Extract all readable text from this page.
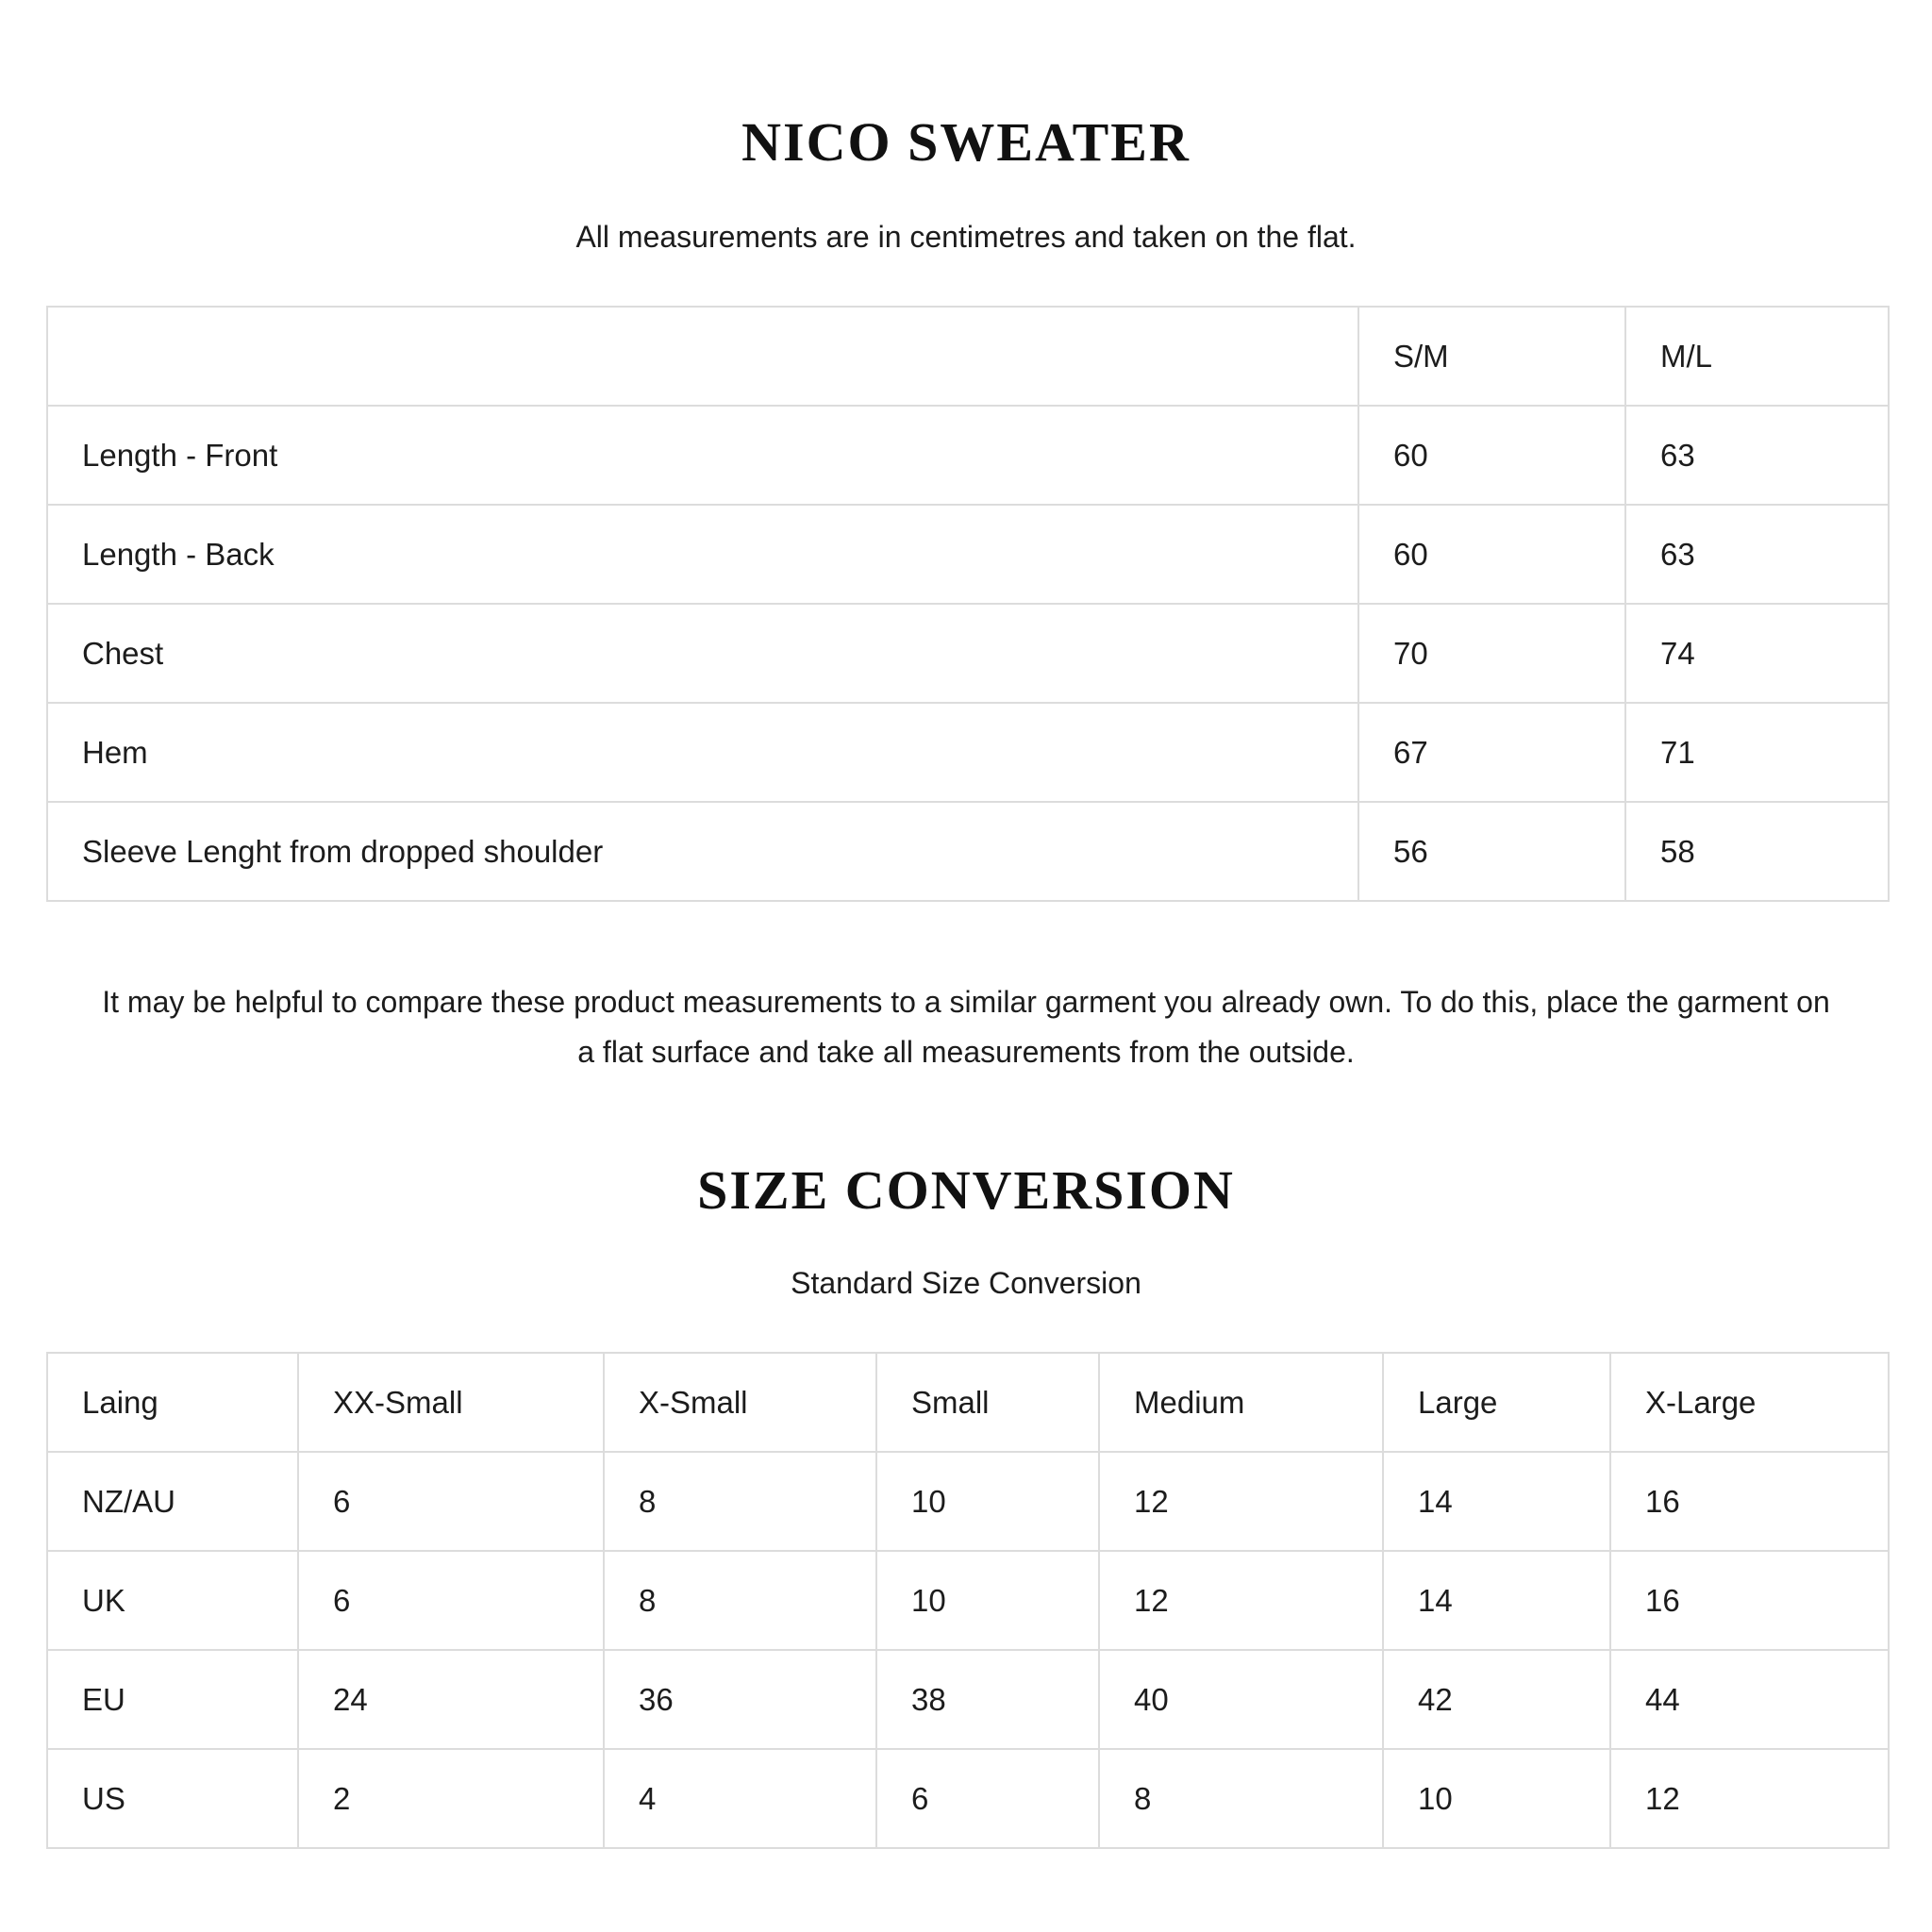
NICO SWEATER

All measurements are in centimetres and taken on the flat.

	S/M	M/L
Length - Front	60	63
Length - Back	60	63
Chest	70	74
Hem	67	71
Sleeve Lenght from dropped shoulder	56	58

It may be helpful to compare these product measurements to a similar garment you already own. To do this, place the garment on a flat surface and take all measurements from the outside.

SIZE CONVERSION

Standard Size Conversion

Laing	XX-Small	X-Small	Small	Medium	Large	X-Large
NZ/AU	6	8	10	12	14	16
UK	6	8	10	12	14	16
EU	24	36	38	40	42	44
US	2	4	6	8	10	12
